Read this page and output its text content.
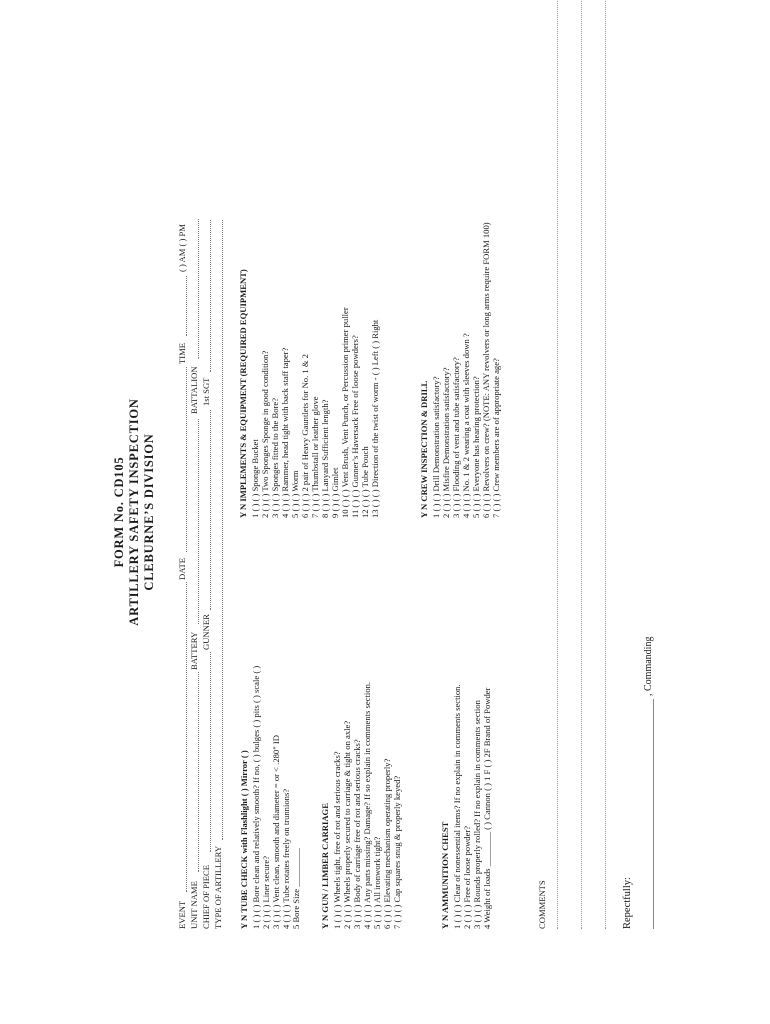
FORM No. CD105 ARTILLERY SAFETY INSPECTION CLEBURNE’S DIVISION
EVENT
DATE
TIME
( ) AM ( ) PM
UNIT NAME
BATTERY
BATTALION
CHIEF OF PIECE
GUNNER
1st SGT
TYPE OF ARTILLERY Y N TUBE CHECK with Flashlight ( ) Mirror ( ) 1 ( ) ( ) Bore clean and relatively smooth? If no, ( ) bulges ( ) pits ( ) scale ( ) 2 ( ) ( ) Liner secure? 3 ( ) ( ) Vent clean, smooth and diameter = or < .280" ID 4 ( ) ( ) Tube rotates freely on trunnions? 5 Bore Size _________ Y N GUN / LIMBER CARRIAGE 1 ( ) ( ) Wheels tight, free of rot and serious cracks? 2 ( ) ( ) Wheels properly secured to carriage & tight on axle? 3 ( ) ( ) Body of carriage free of rot and serious cracks? 4 ( ) ( ) Any parts missing? Damage? If so explain in comments section. 5 ( ) ( ) All ironwork tight? 6 ( ) ( ) Elevating mechanism operating properly? 7 ( ) ( ) Cap squares snug & properly keyed?	Y N AMMUNITION CHEST 1 ( ) ( ) Clear of nonessential items? If no explain in comments section. 2 ( ) ( ) Free of loose powder? 3 ( ) ( ) Rounds properly rolled? If no explain in comments section 4 Weight of loads ________ ( ) Cannon ( ) 1 F ( ) 2F Brand of Powder
Y N IMPLEMENTS & EQUIPMENT (REQUIRED EQUIPMENT) 1 ( ) ( ) Sponge Bucket 2 ( ) ( ) Two Sponges Sponge in good condition? 3 ( ) ( ) Sponges fitted to the Bore? 4 ( ) ( ) Rammer, head tight with back staff taper? 5 ( ) ( ) Worm 6 ( ) ( ) 2 pair of Heavy Gauntlets for No. 1 & 2 7 ( ) ( ) Thumbstall or leather glove 8 ( ) ( ) Lanyard Sufficient length? 9 ( ) ( ) Gimlet 10 ( ) ( ) Vent Brush, Vent Punch, or Percussion primer puller 11 ( ) ( ) Gunner’s Haversack Free of loose powders? 12 ( ) ( ) Tube Pouch 13 ( ) ( ) Direction of the twist of worm - ( ) Left ( ) Right	Y N CREW INSPECTION & DRILL 1 ( ) ( ) Drill Demonstration satisfactory? 2 ( ) ( ) Misfire Demonstration satisfactory? 3 ( ) ( ) Flooding of vent and tube satisfactory? 4 ( ) ( ) No. 1 & 2 wearing a coat with sleeves down ? 5 ( ) ( ) Everyone has hearing protection? 6 ( ) ( ) Revolvers on crew? (NOTE: ANY revolvers or long arms require FORM 100) 7 ( ) ( ) Crew members are of appropriate age?
COMMENTS	Repectfully:
, Commanding
